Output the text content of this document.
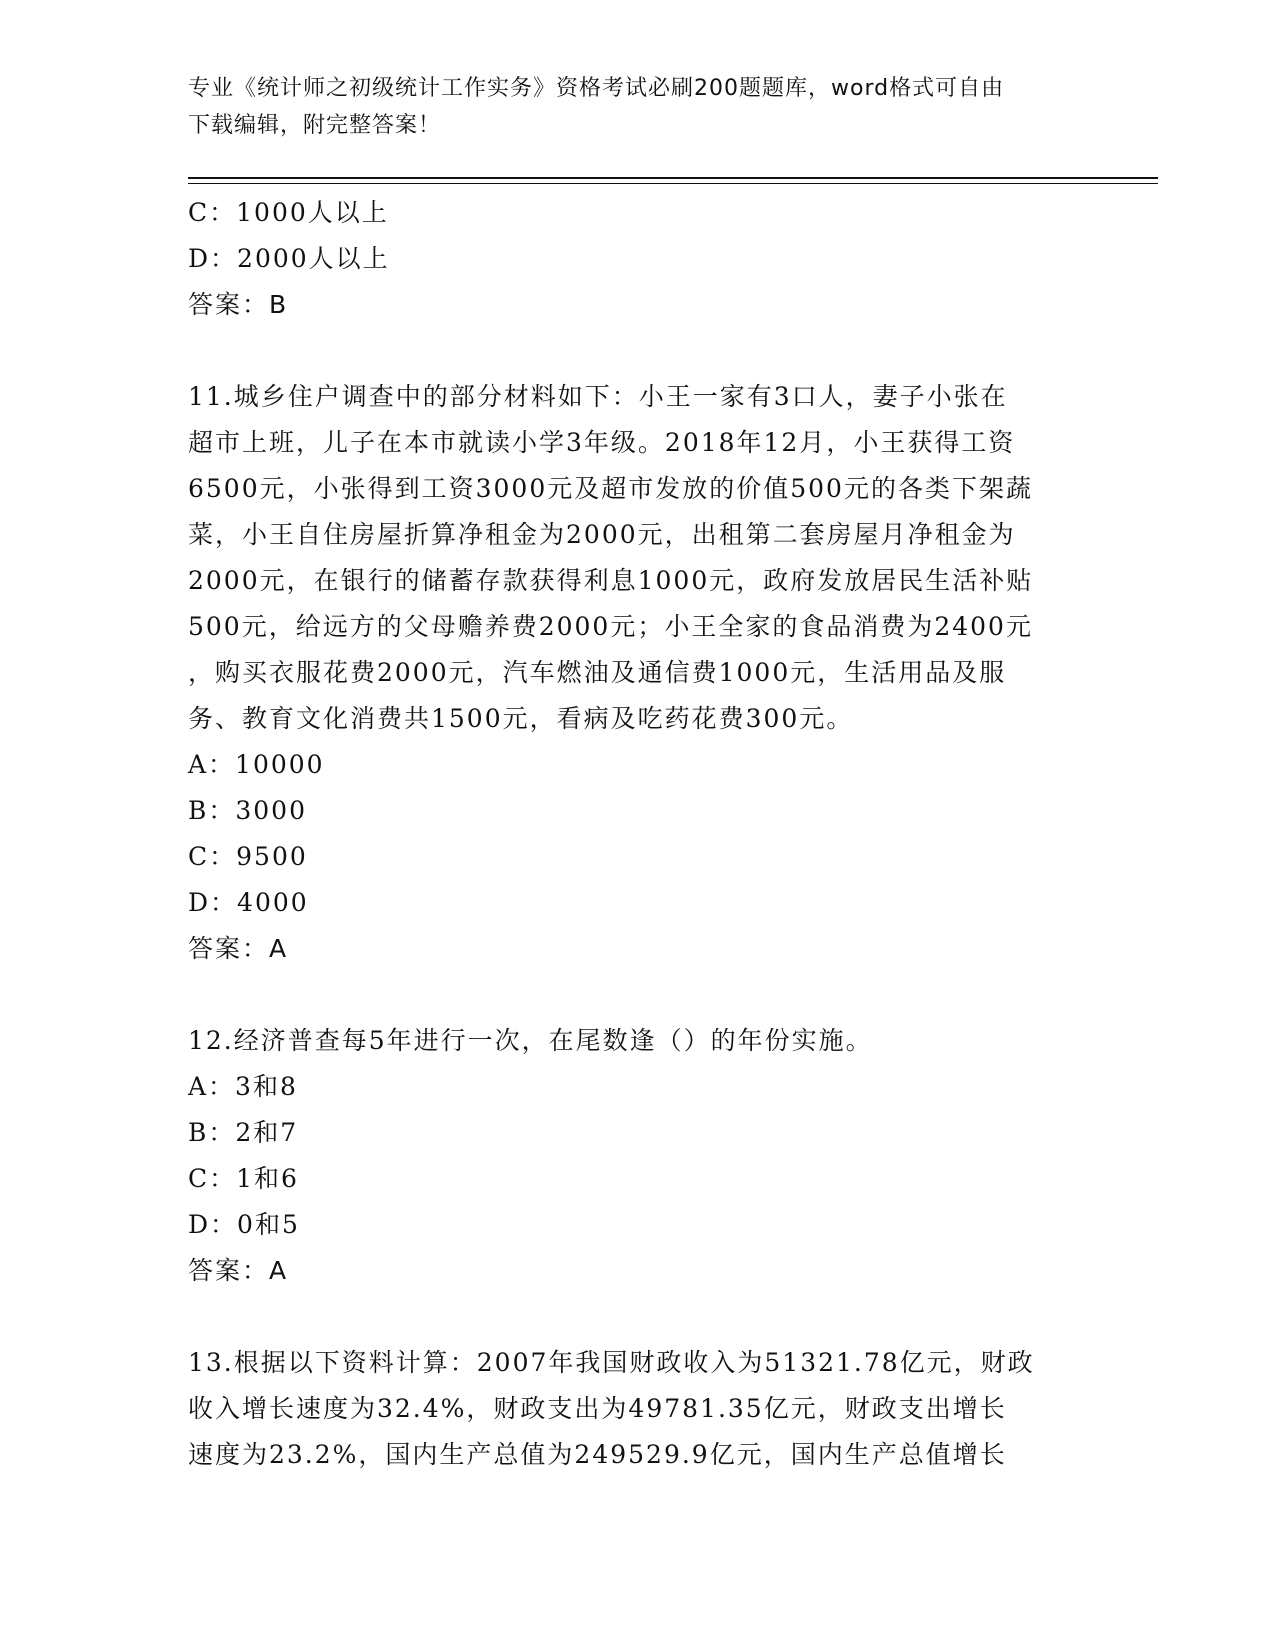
专业《统计师之初级统计工作实务》资格考试必刷200题题库，word格式可自由
下载编辑，附完整答案！
C：1000人以上
D：2000人以上
答案：B
11.城乡住户调查中的部分材料如下：小王一家有3口人，妻子小张在
超市上班，儿子在本市就读小学3年级。2018年12月，小王获得工资
6500元，小张得到工资3000元及超市发放的价值500元的各类下架蔬
菜，小王自住房屋折算净租金为2000元，出租第二套房屋月净租金为
2000元，在银行的储蓄存款获得利息1000元，政府发放居民生活补贴
500元，给远方的父母赡养费2000元；小王全家的食品消费为2400元
，购买衣服花费2000元，汽车燃油及通信费1000元，生活用品及服
务、教育文化消费共1500元，看病及吃药花费300元。
A：10000
B：3000
C：9500
D：4000
答案：A
12.经济普查每5年进行一次，在尾数逢（）的年份实施。
A：3和8
B：2和7
C：1和6
D：0和5
答案：A
13.根据以下资料计算：2007年我国财政收入为51321.78亿元，财政
收入增长速度为32.4%，财政支出为49781.35亿元，财政支出增长
速度为23.2%，国内生产总值为249529.9亿元，国内生产总值增长
